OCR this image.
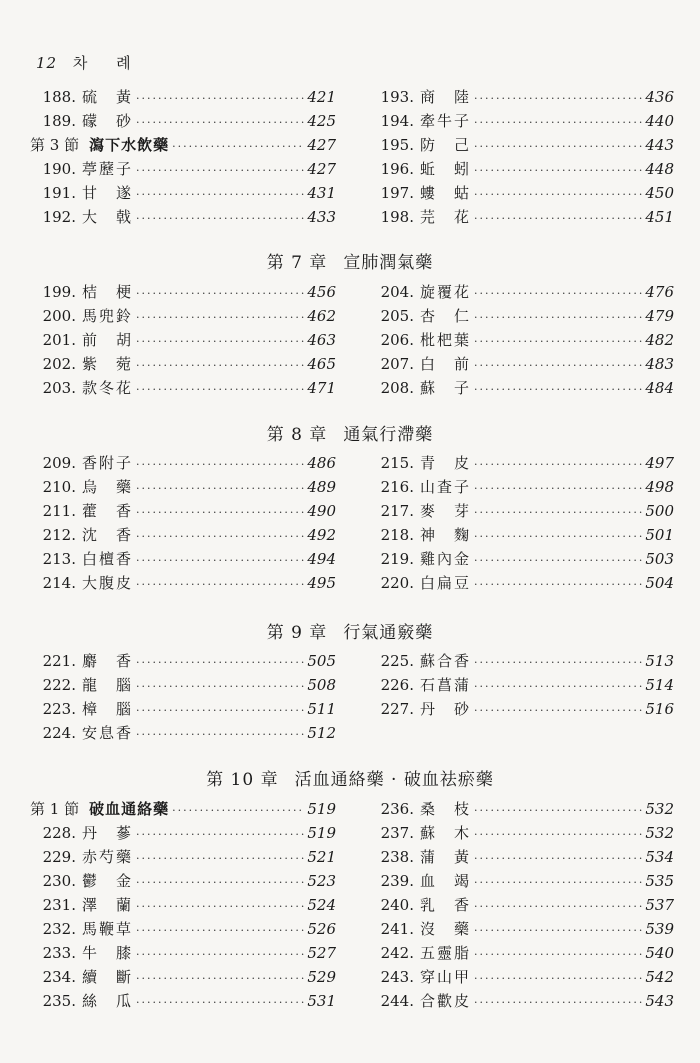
12 차 례
188. 硫　黃 ·····	421
189. 礞　砂 ·····	425
第 3 節 瀉下水飲藥 ·····	427
190. 葶藶子 ·····	427
191. 甘　遂 ·····	431
192. 大　戟 ·····	433
193. 商　陸 ·····	436
194. 牽牛子 ·····	440
195. 防　己 ·····	443
196. 蚯　蚓 ·····	448
197. 螻　蛄 ·····	450
198. 芫　花 ·····	451
第 7 章 宣肺潤氣藥
199. 桔　梗 ·····	456
200. 馬兜鈴 ·····	462
201. 前　胡 ·····	463
202. 紫　菀 ·····	465
203. 款冬花 ·····	471
204. 旋覆花 ·····	476
205. 杏　仁 ·····	479
206. 枇杷葉 ·····	482
207. 白　前 ·····	483
208. 蘇　子 ·····	484
第 8 章 通氣行滯藥
209. 香附子 ·····	486
210. 烏　藥 ·····	489
211. 藿　香 ·····	490
212. 沈　香 ·····	492
213. 白檀香 ·····	494
214. 大腹皮 ·····	495
215. 青　皮 ·····	497
216. 山査子 ·····	498
217. 麥　芽 ·····	500
218. 神　麴 ·····	501
219. 雞內金 ·····	503
220. 白扁豆 ·····	504
第 9 章 行氣通竅藥
221. 麝　香 ·····	505
222. 龍　腦 ·····	508
223. 樟　腦 ·····	511
224. 安息香 ·····	512
225. 蘇合香 ·····	513
226. 石菖蒲 ·····	514
227. 丹　砂 ·····	516
第 10 章 活血通絡藥 · 破血祛瘀藥
第 1 節 破血通絡藥 ·····	519
228. 丹　蔘 ·····	519
229. 赤芍藥 ·····	521
230. 鬱　金 ·····	523
231. 澤　蘭 ·····	524
232. 馬鞭草 ·····	526
233. 牛　膝 ·····	527
234. 續　斷 ·····	529
235. 絲　瓜 ·····	531
236. 桑　枝 ·····	532
237. 蘇　木 ·····	532
238. 蒲　黃 ·····	534
239. 血　竭 ·····	535
240. 乳　香 ·····	537
241. 沒　藥 ·····	539
242. 五靈脂 ·····	540
243. 穿山甲 ·····	542
244. 合歡皮 ·····	543
